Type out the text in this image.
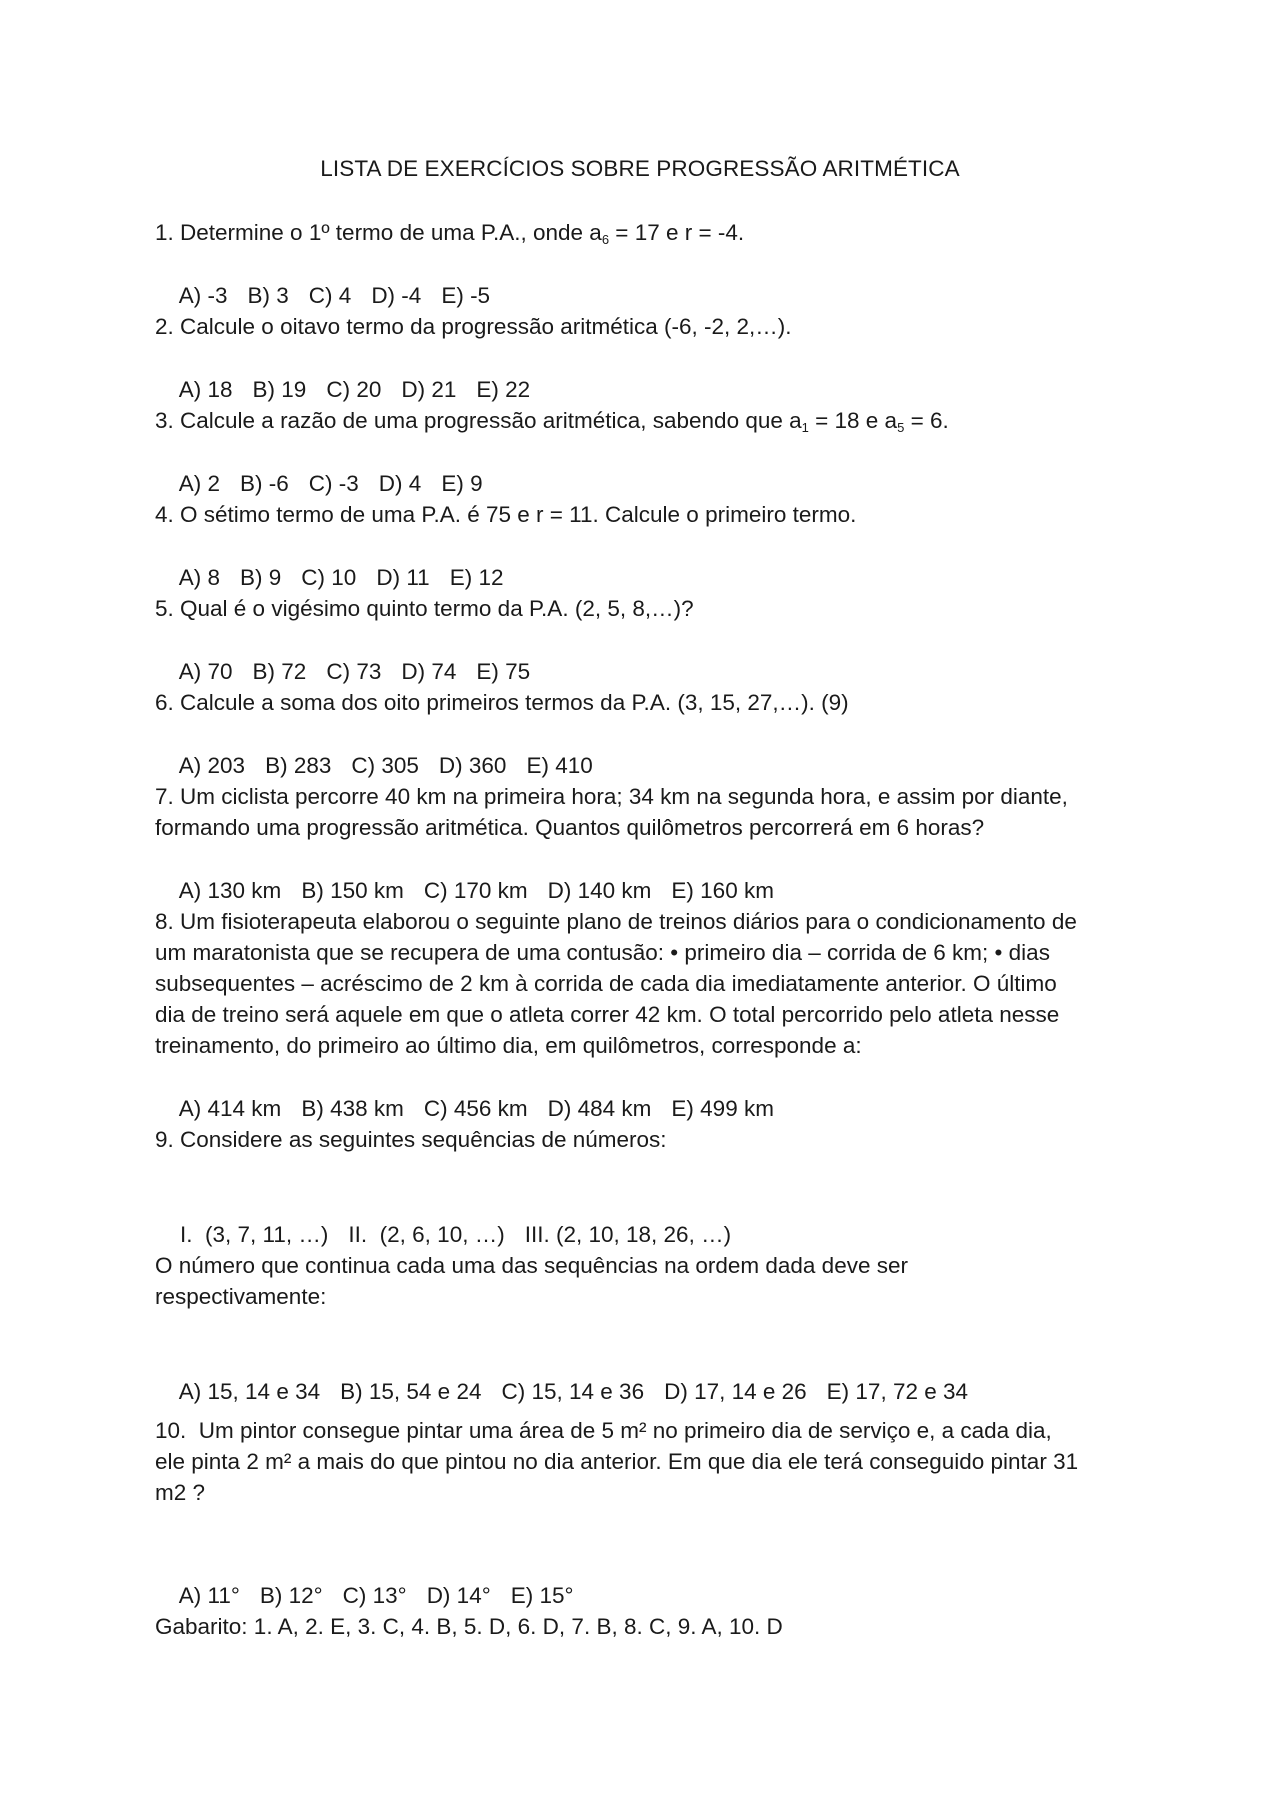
LISTA DE EXERCÍCIOS SOBRE PROGRESSÃO ARITMÉTICA
1. Determine o 1º termo de uma P.A., onde $a_6 = 17$ e r = -4.

A) -3 B) 3 C) 4 D) -4 E) -5

2. Calcule o oitavo termo da progressão aritmética (-6, -2, 2,…).

A) 18 B) 19 C) 20 D) 21 E) 22

3. Calcule a razão de uma progressão aritmética, sabendo que $a_1 = 18$ e $a_5 = 6$.

A) 2 B) -6 C) -3 D) 4 E) 9

4. O sétimo termo de uma P.A. é 75 e r = 11. Calcule o primeiro termo.

A) 8 B) 9 C) 10 D) 11 E) 12

5. Qual é o vigésimo quinto termo da P.A. (2, 5, 8,…)?

A) 70 B) 72 C) 73 D) 74 E) 75

6. Calcule a soma dos oito primeiros termos da P.A. (3, 15, 27,…). (9)

A) 203 B) 283 C) 305 D) 360 E) 410

7. Um ciclista percorre 40 km na primeira hora; 34 km na segunda hora, e assim por diante,
formando uma progressão aritmética. Quantos quilômetros percorrerá em 6 horas?

A) 130 km B) 150 km C) 170 km D) 140 km E) 160 km

8. Um fisioterapeuta elaborou o seguinte plano de treinos diários para o condicionamento de
um maratonista que se recupera de uma contusão: • primeiro dia – corrida de 6 km; • dias
subsequentes – acréscimo de 2 km à corrida de cada dia imediatamente anterior. O último
dia de treino será aquele em que o atleta correr 42 km. O total percorrido pelo atleta nesse
treinamento, do primeiro ao último dia, em quilômetros, corresponde a:

A) 414 km B) 438 km C) 456 km D) 484 km E) 499 km

9. Considere as seguintes sequências de números:

I.  (3, 7, 11, …) II.  (2, 6, 10, …) III. (2, 10, 18, 26, …)

O número que continua cada uma das sequências na ordem dada deve ser
respectivamente:

A) 15, 14 e 34 B) 15, 54 e 24 C) 15, 14 e 36 D) 17, 14 e 26 E) 17, 72 e 34

10.  Um pintor consegue pintar uma área de 5 m² no primeiro dia de serviço e, a cada dia,
ele pinta 2 m² a mais do que pintou no dia anterior. Em que dia ele terá conseguido pintar 31
m2 ?

A) 11° B) 12° C) 13° D) 14° E) 15°

Gabarito: 1. A, 2. E, 3. C, 4. B, 5. D, 6. D, 7. B, 8. C, 9. A, 10. D
